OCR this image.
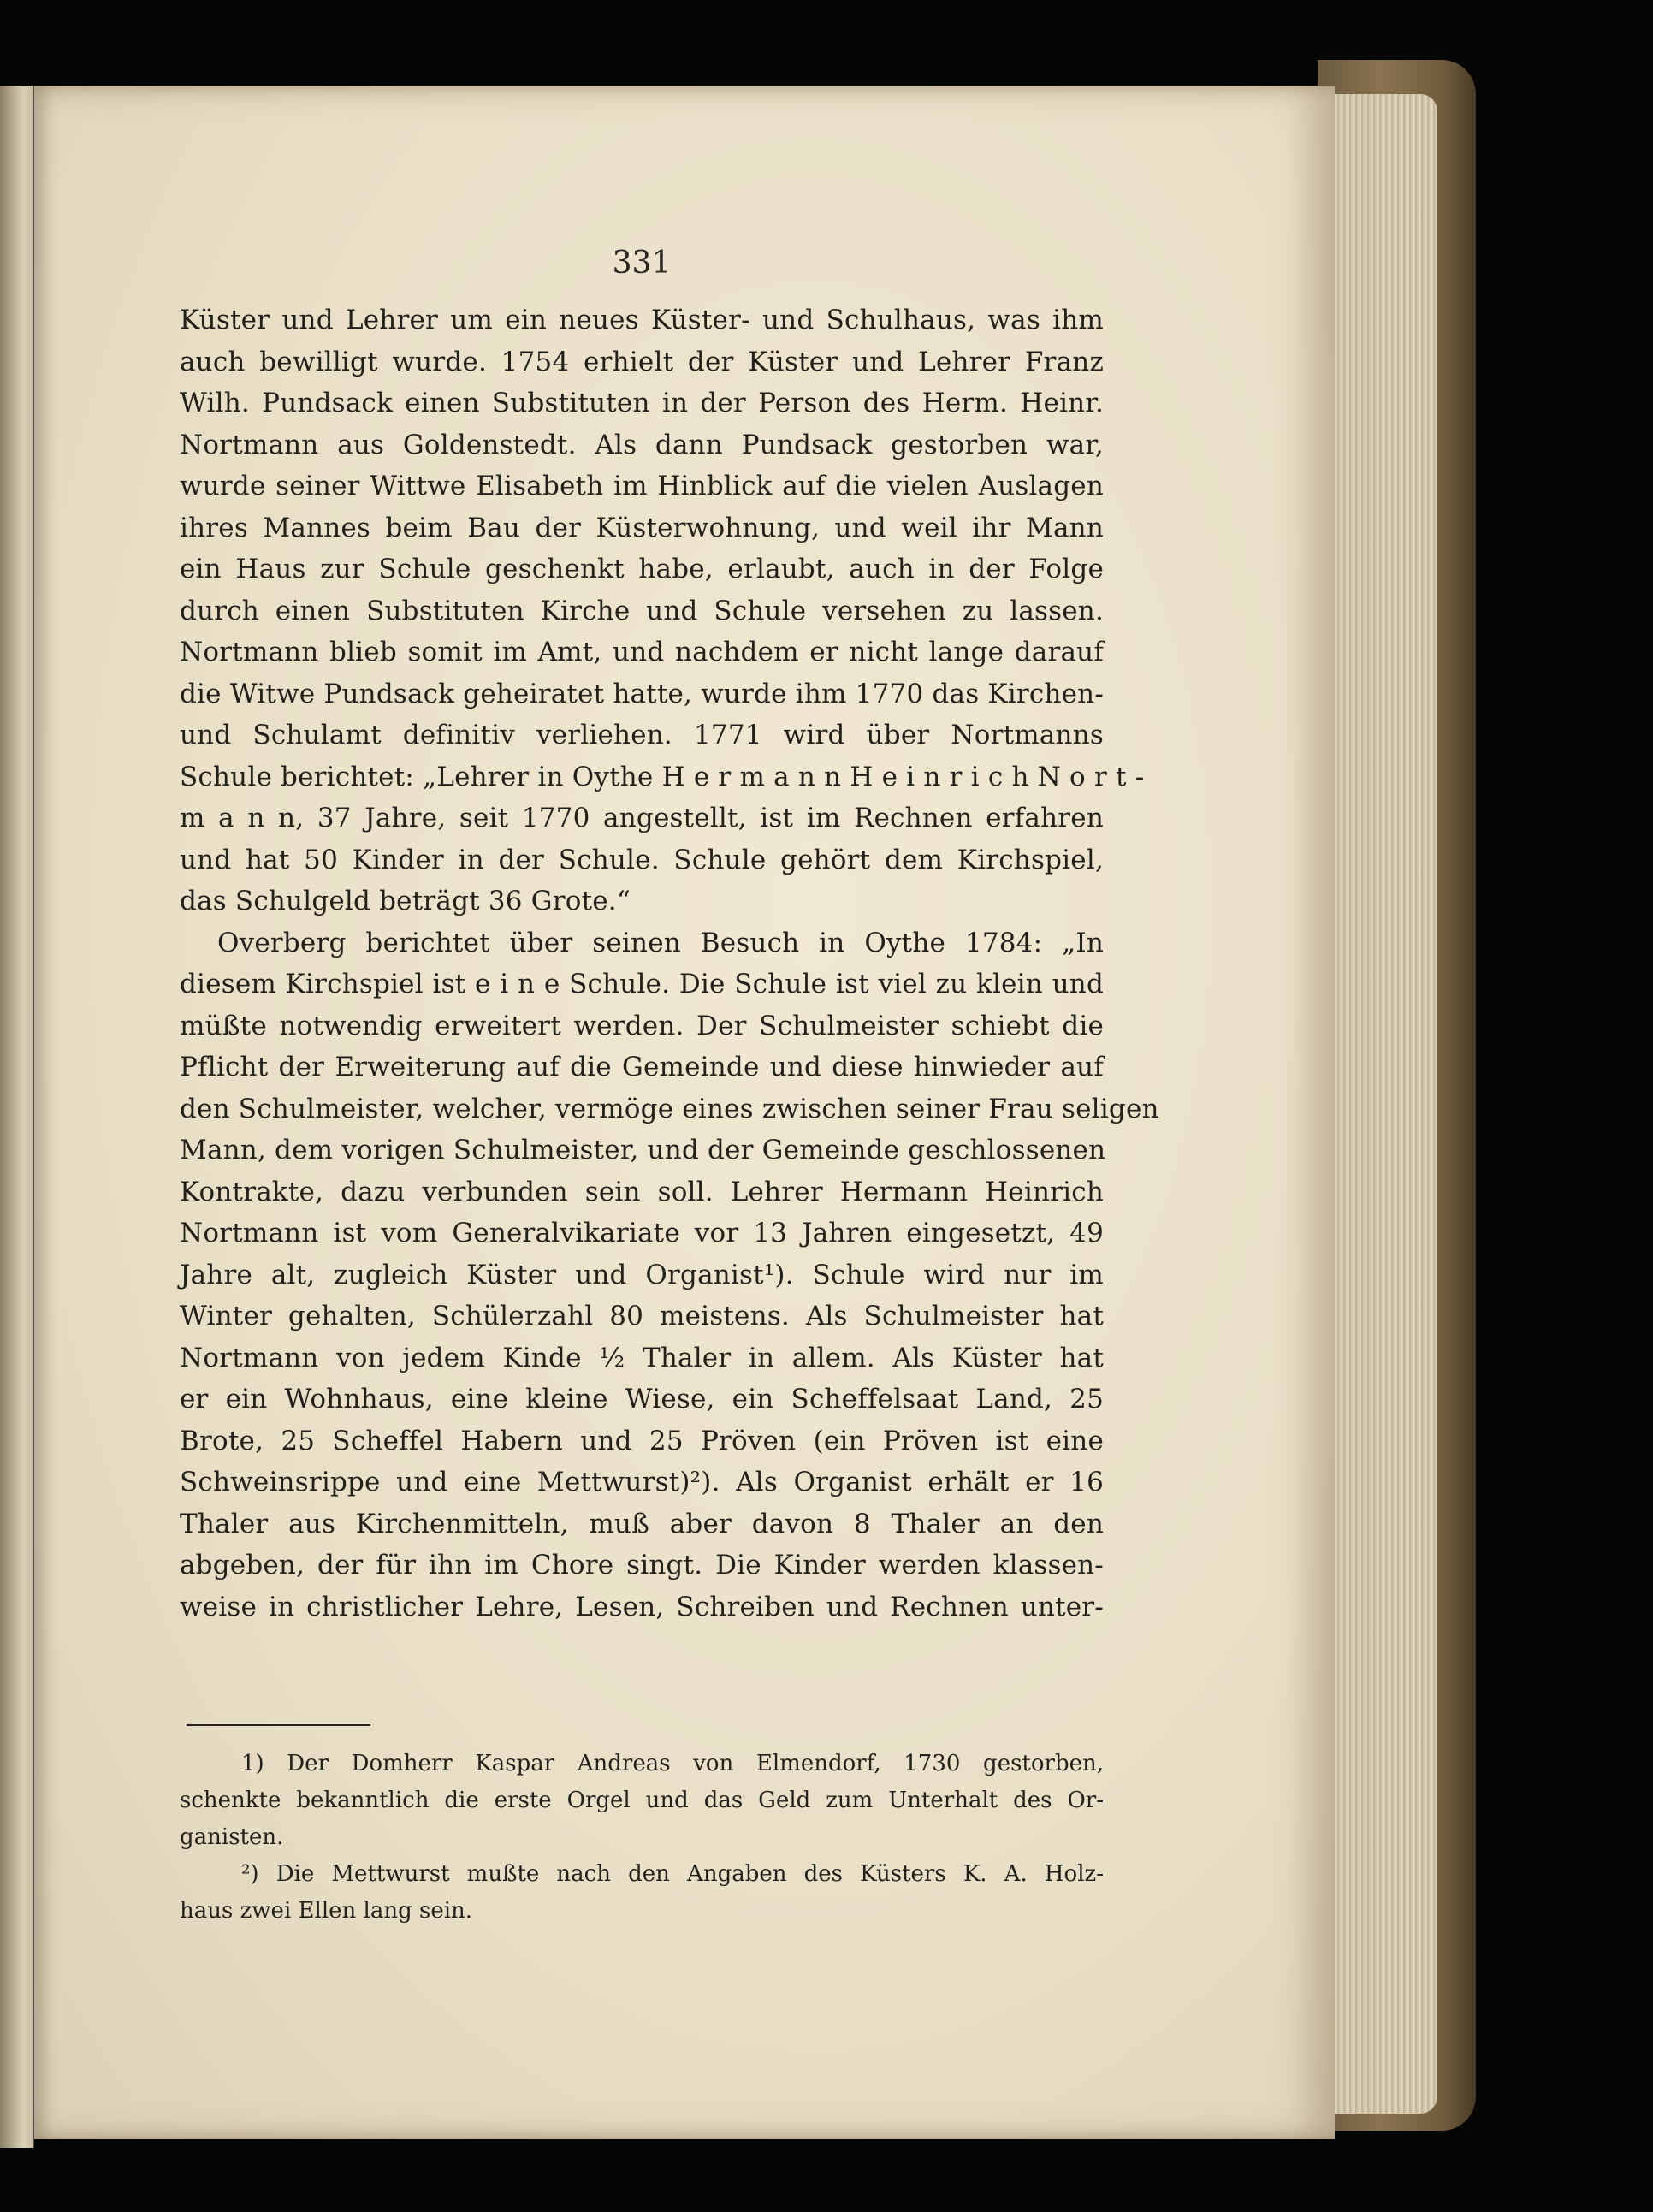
331
Küster und Lehrer um ein neues Küster- und Schulhaus, was ihm
auch bewilligt wurde. 1754 erhielt der Küster und Lehrer Franz
Wilh. Pundsack einen Substituten in der Person des Herm. Heinr.
Nortmann aus Goldenstedt. Als dann Pundsack gestorben war,
wurde seiner Wittwe Elisabeth im Hinblick auf die vielen Auslagen
ihres Mannes beim Bau der Küsterwohnung, und weil ihr Mann
ein Haus zur Schule geschenkt habe, erlaubt, auch in der Folge
durch einen Substituten Kirche und Schule versehen zu lassen.
Nortmann blieb somit im Amt, und nachdem er nicht lange darauf
die Witwe Pundsack geheiratet hatte, wurde ihm 1770 das Kirchen-
und Schulamt definitiv verliehen. 1771 wird über Nortmanns
Schule berichtet: „Lehrer in Oythe H e r m a n n H e i n r i c h N o r t -
m a n n, 37 Jahre, seit 1770 angestellt, ist im Rechnen erfahren
und hat 50 Kinder in der Schule. Schule gehört dem Kirchspiel,
das Schulgeld beträgt 36 Grote.“
Overberg berichtet über seinen Besuch in Oythe 1784: „In
diesem Kirchspiel ist e i n e Schule. Die Schule ist viel zu klein und
müßte notwendig erweitert werden. Der Schulmeister schiebt die
Pflicht der Erweiterung auf die Gemeinde und diese hinwieder auf
den Schulmeister, welcher, vermöge eines zwischen seiner Frau seligen
Mann, dem vorigen Schulmeister, und der Gemeinde geschlossenen
Kontrakte, dazu verbunden sein soll. Lehrer Hermann Heinrich
Nortmann ist vom Generalvikariate vor 13 Jahren eingesetzt, 49
Jahre alt, zugleich Küster und Organist¹). Schule wird nur im
Winter gehalten, Schülerzahl 80 meistens. Als Schulmeister hat
Nortmann von jedem Kinde ½ Thaler in allem. Als Küster hat
er ein Wohnhaus, eine kleine Wiese, ein Scheffelsaat Land, 25
Brote, 25 Scheffel Habern und 25 Pröven (ein Pröven ist eine
Schweinsrippe und eine Mettwurst)²). Als Organist erhält er 16
Thaler aus Kirchenmitteln, muß aber davon 8 Thaler an den
abgeben, der für ihn im Chore singt. Die Kinder werden klassen-
weise in christlicher Lehre, Lesen, Schreiben und Rechnen unter-
1) Der Domherr Kaspar Andreas von Elmendorf, 1730 gestorben,
schenkte bekanntlich die erste Orgel und das Geld zum Unterhalt des Or-
ganisten.
²) Die Mettwurst mußte nach den Angaben des Küsters K. A. Holz-
haus zwei Ellen lang sein.
